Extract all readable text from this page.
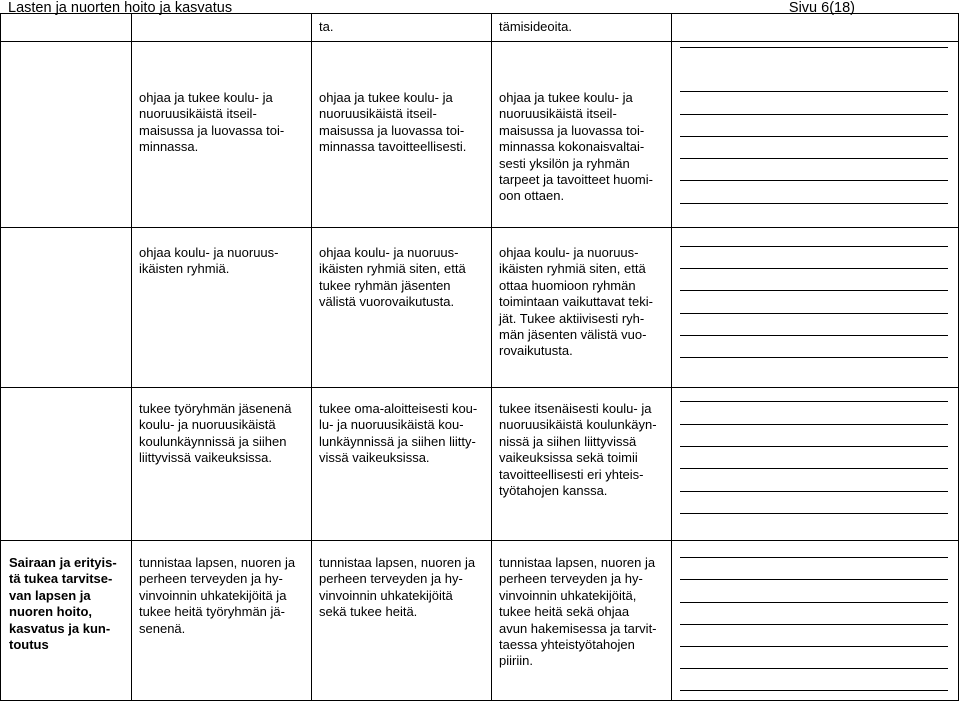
Lasten ja nuorten hoito ja kasvatus	Sivu 6(18)
ta.	tämisideoita.
ohjaa ja tukee koulu- ja
nuoruusikäistä itseil-
maisussa ja luovassa toi-
minnassa.
ohjaa ja tukee koulu- ja
nuoruusikäistä itseil-
maisussa ja luovassa toi-
minnassa tavoitteellisesti.
ohjaa ja tukee koulu- ja
nuoruusikäistä itseil-
maisussa ja luovassa toi-
minnassa kokonaisvaltai-
sesti yksilön ja ryhmän
tarpeet ja tavoitteet huomi-
oon ottaen.
ohjaa koulu- ja nuoruus-
ikäisten ryhmiä.
ohjaa koulu- ja nuoruus-
ikäisten ryhmiä siten, että
tukee ryhmän jäsenten
välistä vuorovaikutusta.
ohjaa koulu- ja nuoruus-
ikäisten ryhmiä siten, että
ottaa huomioon ryhmän
toimintaan vaikuttavat teki-
jät. Tukee aktiivisesti ryh-
män jäsenten välistä vuo-
rovaikutusta.
tukee työryhmän jäsenenä
koulu- ja nuoruusikäistä
koulunkäynnissä ja siihen
liittyvissä vaikeuksissa.
tukee oma-aloitteisesti kou-
lu- ja nuoruusikäistä kou-
lunkäynnissä ja siihen liitty-
vissä vaikeuksissa.
tukee itsenäisesti koulu- ja
nuoruusikäistä koulunkäyn-
nissä ja siihen liittyvissä
vaikeuksissa sekä toimii
tavoitteellisesti eri yhteis-
työtahojen kanssa.
Sairaan ja erityis-
tä tukea tarvitse-
van lapsen ja
nuoren hoito,
kasvatus ja kun-
toutus
tunnistaa lapsen, nuoren ja
perheen terveyden ja hy-
vinvoinnin uhkatekijöitä ja
tukee heitä työryhmän jä-
senenä.
tunnistaa lapsen, nuoren ja
perheen terveyden ja hy-
vinvoinnin uhkatekijöitä
sekä tukee heitä.
tunnistaa lapsen, nuoren ja
perheen terveyden ja hy-
vinvoinnin uhkatekijöitä,
tukee heitä sekä ohjaa
avun hakemisessa ja tarvit-
taessa yhteistyötahojen
piiriin.
